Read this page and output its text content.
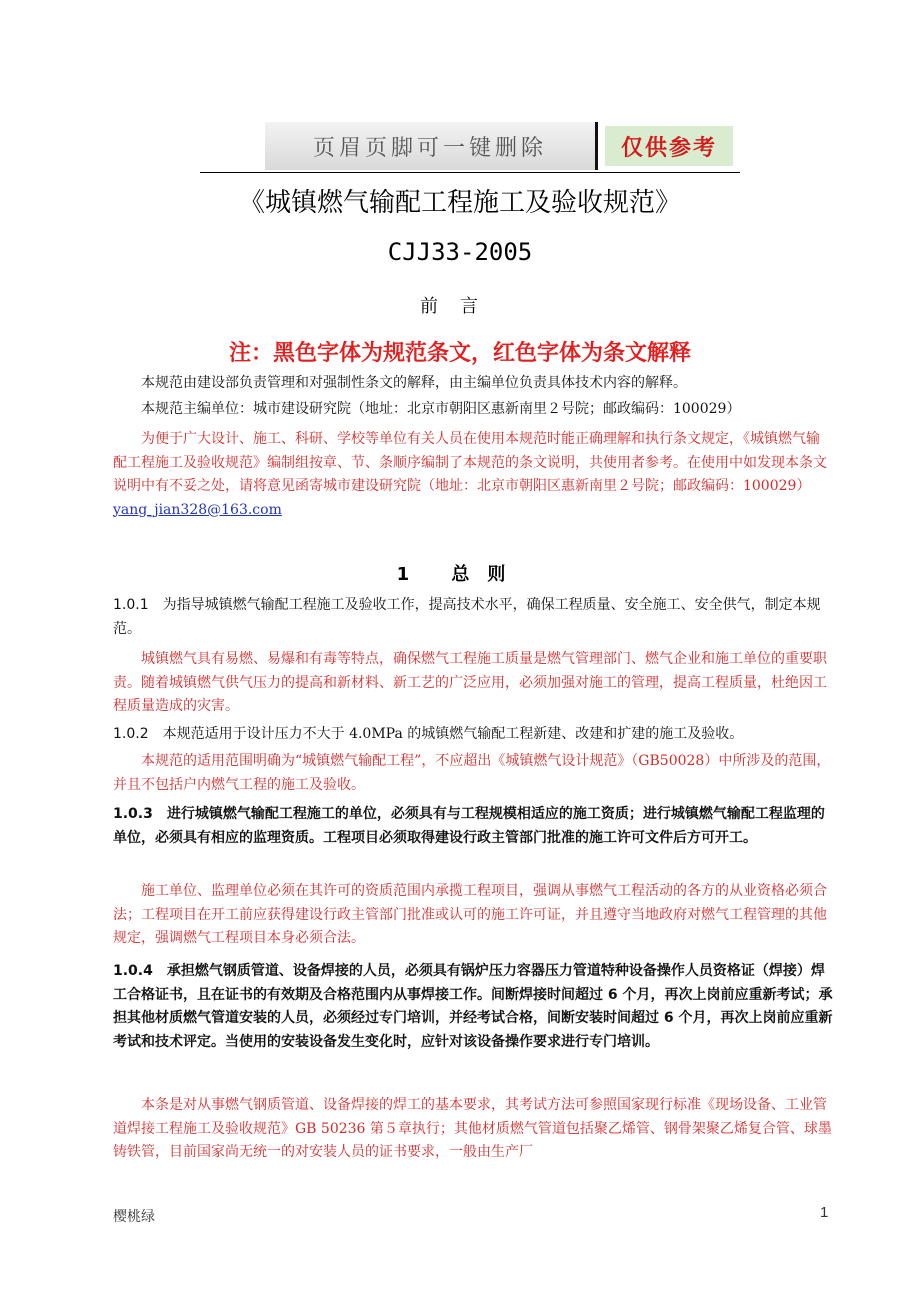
页眉页脚可一键删除	仅供参考
《城镇燃气输配工程施工及验收规范》
CJJ33-2005
前言
注：黑色字体为规范条文，红色字体为条文解释
本规范由建设部负责管理和对强制性条文的解释，由主编单位负责具体技术内容的解释。
本规范主编单位：城市建设研究院（地址：北京市朝阳区惠新南里２号院；邮政编码：100029）
为便于广大设计、施工、科研、学校等单位有关人员在使用本规范时能正确理解和执行条文规定，《城镇燃气输配工程施工及验收规范》编制组按章、节、条顺序编制了本规范的条文说明，共使用者参考。在使用中如发现本条文说明中有不妥之处，请将意见函寄城市建设研究院（地址：北京市朝阳区惠新南里２号院；邮政编码：100029）yang_jian328@163.com
1 总则
1.0.1　 为指导城镇燃气输配工程施工及验收工作，提高技术水平，确保工程质量、安全施工、安全供气，制定本规范。
城镇燃气具有易燃、易爆和有毒等特点，确保燃气工程施工质量是燃气管理部门、燃气企业和施工单位的重要职责。随着城镇燃气供气压力的提高和新材料、新工艺的广泛应用，必须加强对施工的管理，提高工程质量，杜绝因工程质量造成的灾害。
1.0.2　 本规范适用于设计压力不大于 4.0MPa 的城镇燃气输配工程新建、改建和扩建的施工及验收。
本规范的适用范围明确为“城镇燃气输配工程”，不应超出《城镇燃气设计规范》（GB50028）中所涉及的范围，并且不包括户内燃气工程的施工及验收。
1.0.3　 进行城镇燃气输配工程施工的单位，必须具有与工程规模相适应的施工资质；进行城镇燃气输配工程监理的单位，必须具有相应的监理资质。工程项目必须取得建设行政主管部门批准的施工许可文件后方可开工。
施工单位、监理单位必须在其许可的资质范围内承揽工程项目，强调从事燃气工程活动的各方的从业资格必须合法；工程项目在开工前应获得建设行政主管部门批准或认可的施工许可证，并且遵守当地政府对燃气工程管理的其他规定，强调燃气工程项目本身必须合法。
1.0.4　 承担燃气钢质管道、设备焊接的人员，必须具有锅炉压力容器压力管道特种设备操作人员资格证（焊接）焊工合格证书，且在证书的有效期及合格范围内从事焊接工作。间断焊接时间超过 6 个月，再次上岗前应重新考试；承担其他材质燃气管道安装的人员，必须经过专门培训，并经考试合格，间断安装时间超过 6 个月，再次上岗前应重新考试和技术评定。当使用的安装设备发生变化时，应针对该设备操作要求进行专门培训。
本条是对从事燃气钢质管道、设备焊接的焊工的基本要求，其考试方法可参照国家现行标准《现场设备、工业管道焊接工程施工及验收规范》GB 50236 第５章执行；其他材质燃气管道包括聚乙烯管、钢骨架聚乙烯复合管、球墨铸铁管，目前国家尚无统一的对安装人员的证书要求，一般由生产厂
樱桃绿	1
